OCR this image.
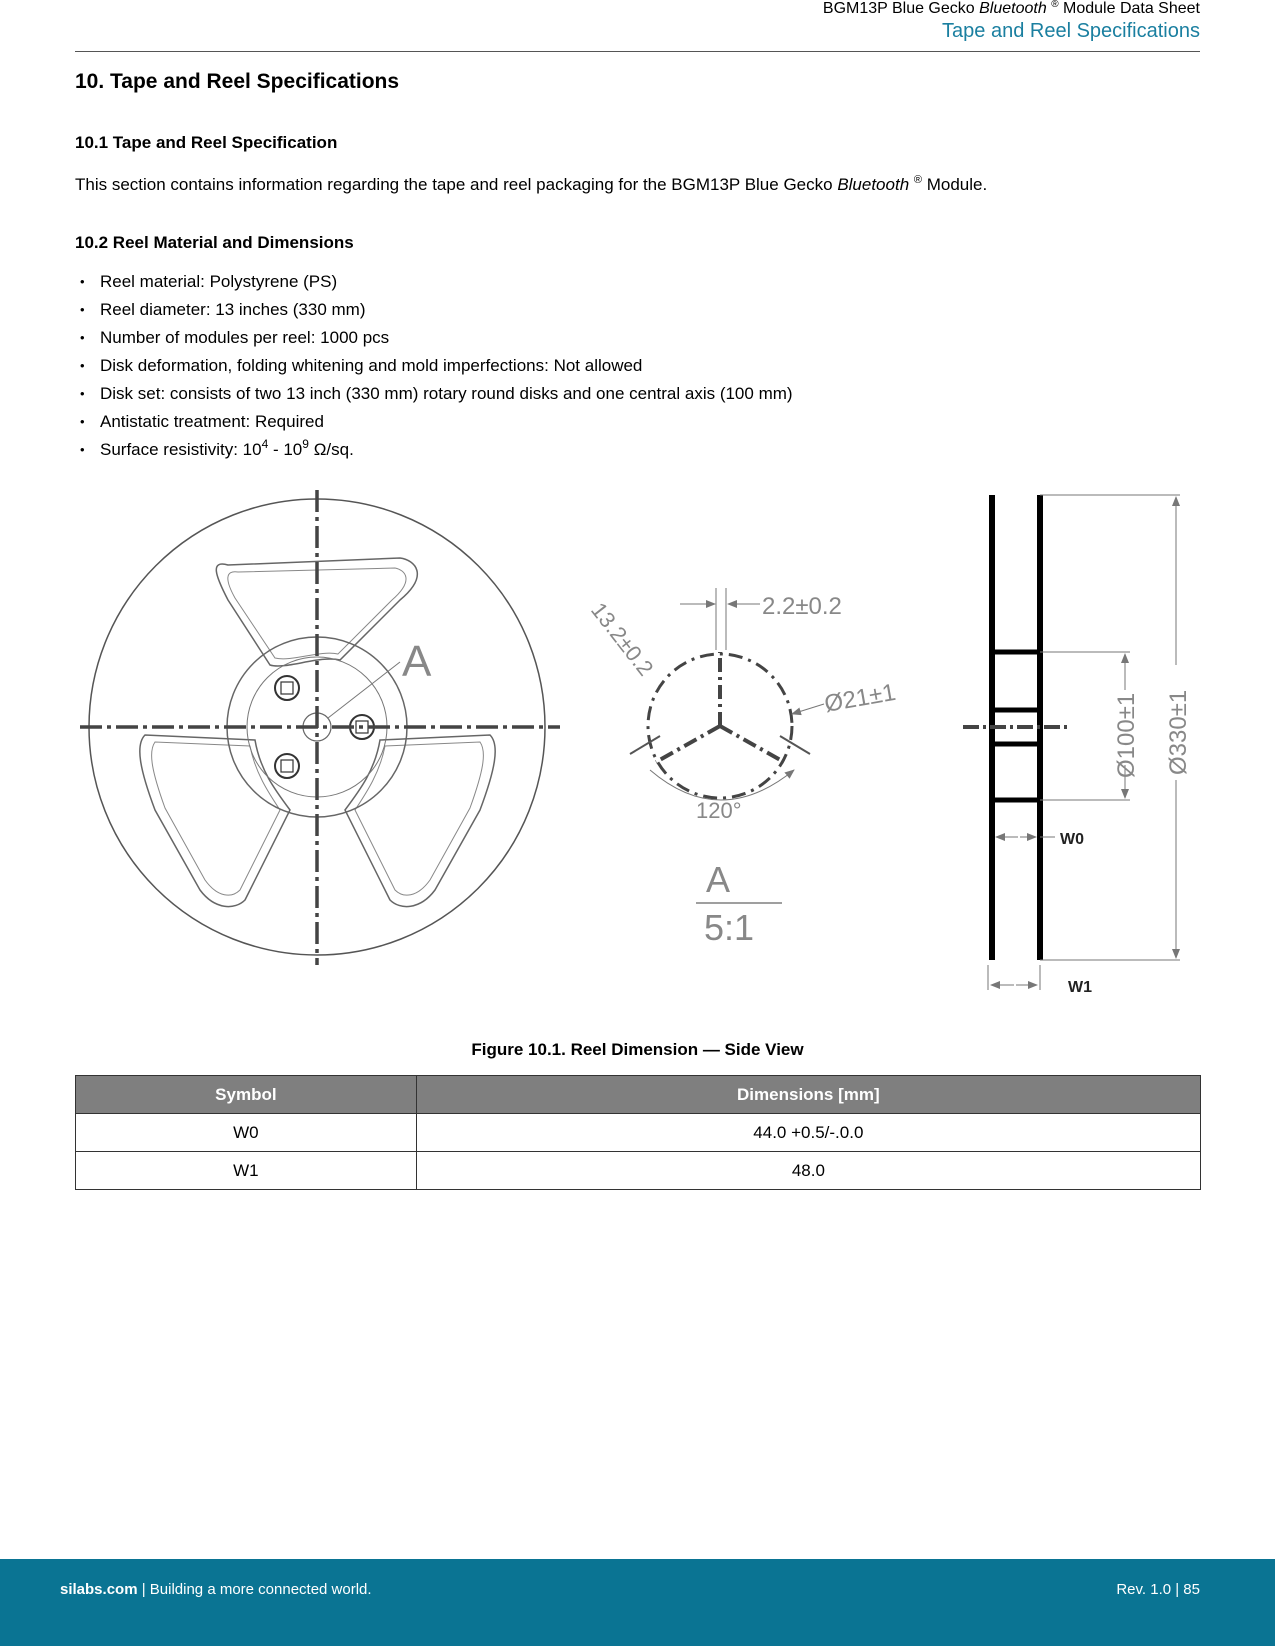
BGM13P Blue Gecko Bluetooth ® Module Data Sheet
Tape and Reel Specifications
10. Tape and Reel Specifications
10.1 Tape and Reel Specification
This section contains information regarding the tape and reel packaging for the BGM13P Blue Gecko Bluetooth ® Module.
10.2 Reel Material and Dimensions
• Reel material: Polystyrene (PS)
• Reel diameter: 13 inches (330 mm)
• Number of modules per reel: 1000 pcs
• Disk deformation, folding whitening and mold imperfections: Not allowed
• Disk set: consists of two 13 inch (330 mm) rotary round disks and one central axis (100 mm)
• Antistatic treatment: Required
• Surface resistivity: $10^4 - 10^9$ Ω/sq.
A
2.2±0.2
13.2±0.2
Ø21±1
120°
A
5:1
Ø100±1 Ø330±1
W0
W1
Figure 10.1. Reel Dimension — Side View
Symbol	Dimensions [mm]
W0	44.0 +0.5/-.0.0
W1	48.0
silabs.com | Building a more connected world.	Rev. 1.0 | 85
